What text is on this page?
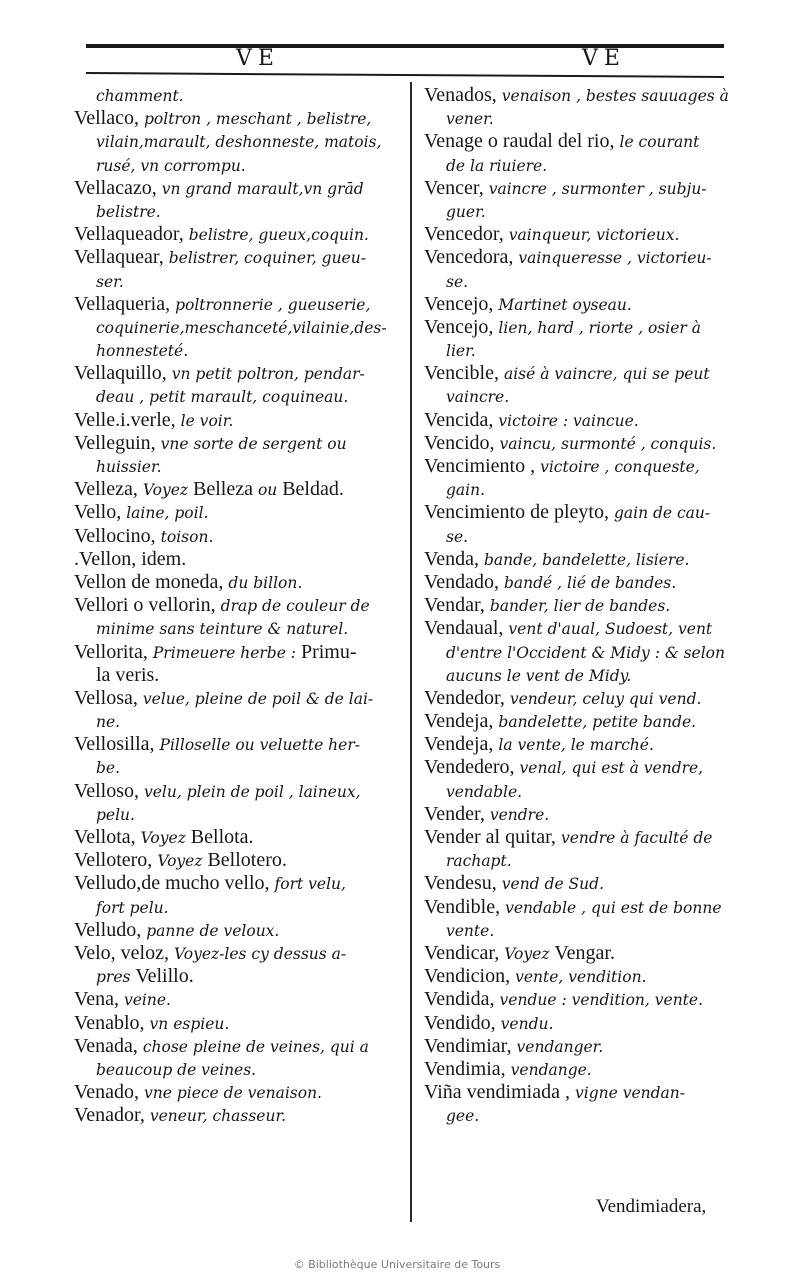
VE	VE
chamment.
Vellaco, poltron , meschant , belistre,
vilain,marault, deshonneste, matois,
rusé, vn corrompu.
Vellacazo, vn grand marault,vn grād
belistre.
Vellaqueador, belistre, gueux,coquin.
Vellaquear, belistrer, coquiner, gueu-
ser.
Vellaqueria, poltronnerie , gueuserie,
coquinerie,meschanceté,vilainie,des-
honnesteté.
Vellaquillo, vn petit poltron, pendar-
deau , petit marault, coquineau.
Velle.i.verle, le voir.
Velleguin, vne sorte de sergent ou
huissier.
Velleza, Voyez Belleza ou Beldad.
Vello, laine, poil.
Vellocino, toison.
.Vellon, idem.
Vellon de moneda, du billon.
Vellori o vellorin, drap de couleur de
minime sans teinture & naturel.
Vellorita, Primeuere herbe : Primu-
la veris.
Vellosa, velue, pleine de poil & de lai-
ne.
Vellosilla, Pilloselle ou veluette her-
be.
Velloso, velu, plein de poil , laineux,
pelu.
Vellota, Voyez Bellota.
Vellotero, Voyez Bellotero.
Velludo,de mucho vello, fort velu,
fort pelu.
Velludo, panne de veloux.
Velo, veloz, Voyez-les cy dessus a-
pres Velillo.
Vena, veine.
Venablo, vn espieu.
Venada, chose pleine de veines, qui a
beaucoup de veines.
Venado, vne piece de venaison.
Venador, veneur, chasseur.
Venados, venaison , bestes sauuages à
vener.
Venage o raudal del rio, le courant
de la riuiere.
Vencer, vaincre , surmonter , subju-
guer.
Vencedor, vainqueur, victorieux.
Vencedora, vainqueresse , victorieu-
se.
Vencejo, Martinet oyseau.
Vencejo, lien, hard , riorte , osier à
lier.
Vencible, aisé à vaincre, qui se peut
vaincre.
Vencida, victoire : vaincue.
Vencido, vaincu, surmonté , conquis.
Vencimiento , victoire , conqueste,
gain.
Vencimiento de pleyto, gain de cau-
se.
Venda, bande, bandelette, lisiere.
Vendado, bandé , lié de bandes.
Vendar, bander, lier de bandes.
Vendaual, vent d'aual, Sudoest, vent
d'entre l'Occident & Midy : & selon
aucuns le vent de Midy.
Vendedor, vendeur, celuy qui vend.
Vendeja, bandelette, petite bande.
Vendeja, la vente, le marché.
Vendedero, venal, qui est à vendre,
vendable.
Vender, vendre.
Vender al quitar, vendre à faculté de
rachapt.
Vendesu, vend de Sud.
Vendible, vendable , qui est de bonne
vente.
Vendicar, Voyez Vengar.
Vendicion, vente, vendition.
Vendida, vendue : vendition, vente.
Vendido, vendu.
Vendimiar, vendanger.
Vendimia, vendange.
Viña vendimiada , vigne vendan-
gee.
Vendimiadera,
© Bibliothèque Universitaire de Tours
